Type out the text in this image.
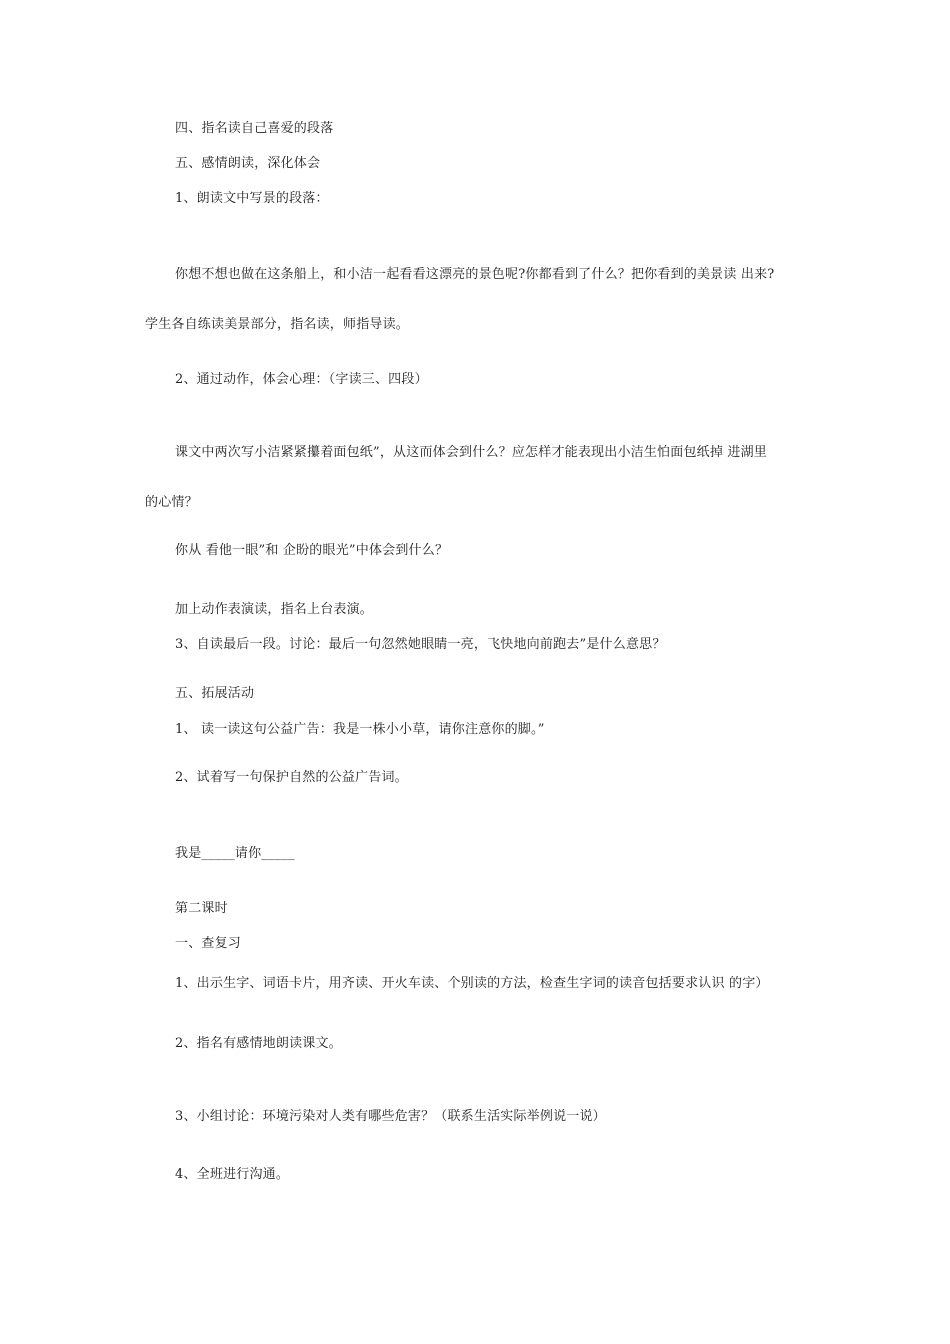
四、指名读自己喜爱的段落
五、感情朗读，深化体会
1、朗读文中写景的段落：
你想不想也做在这条船上，和小洁一起看看这漂亮的景色呢?你都看到了什么？把你看到的美景读 出来?
学生各自练读美景部分，指名读，师指导读。
2、通过动作，体会心理：（字读三、四段）
课文中两次写小洁紧紧攥着面包纸”，从这而体会到什么？应怎样才能表现出小洁生怕面包纸掉 进湖里
的心情？
你从 看他一眼”和 企盼的眼光”中体会到什么？
加上动作表演读，指名上台表演。
3、自读最后一段。讨论：最后一句忽然她眼睛一亮，飞快地向前跑去”是什么意思？
五、拓展活动
1、 读一读这句公益广告：我是一株小小草，请你注意你的脚。”
2、试着写一句保护自然的公益广告词。
我是_____请你_____
第二课时
一、查复习
1、出示生字、词语卡片，用齐读、开火车读、个别读的方法，检查生字词的读音包括要求认识 的字）
2、指名有感情地朗读课文。
3、小组讨论：环境污染对人类有哪些危害？（联系生活实际举例说一说）
4、全班进行沟通。
